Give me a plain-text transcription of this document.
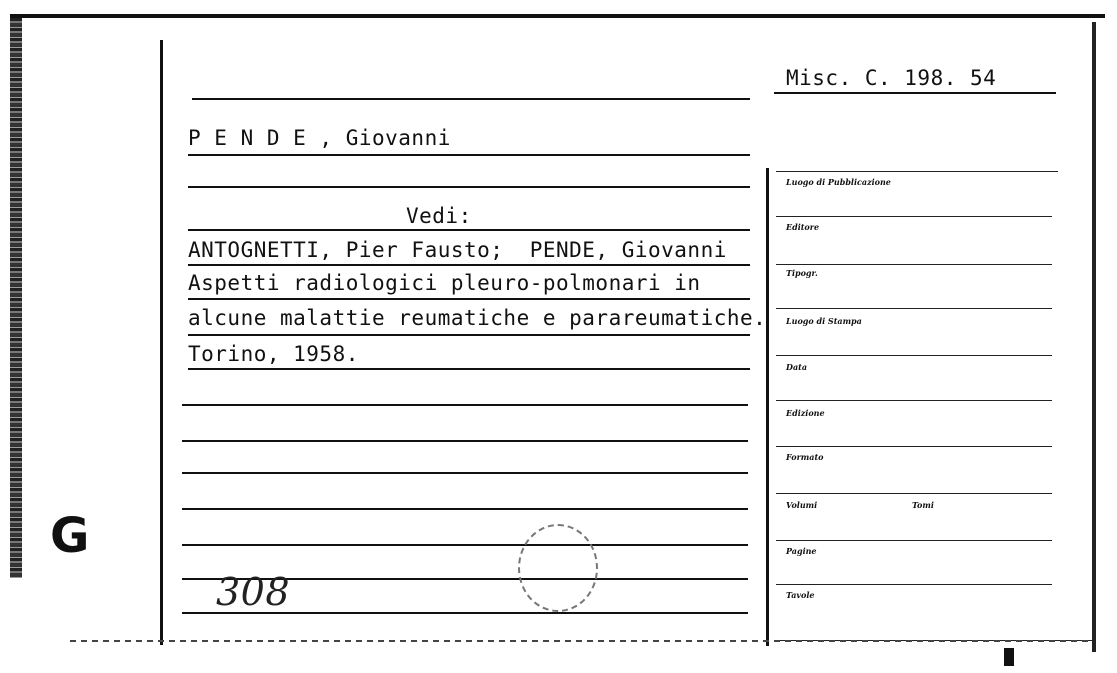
Misc. C. 198. 54
P E N D E , Giovanni
Vedi:
ANTOGNETTI, Pier Fausto;  PENDE, Giovanni
Aspetti radiologici pleuro-polmonari in
alcune malattie reumatiche e parareumatiche.
Torino, 1958.
G
308
Luogo di Pubblicazione
Editore
Tipogr.
Luogo di Stampa
Data
Edizione
Formato
Volumi	Tomi
Pagine
Tavole
